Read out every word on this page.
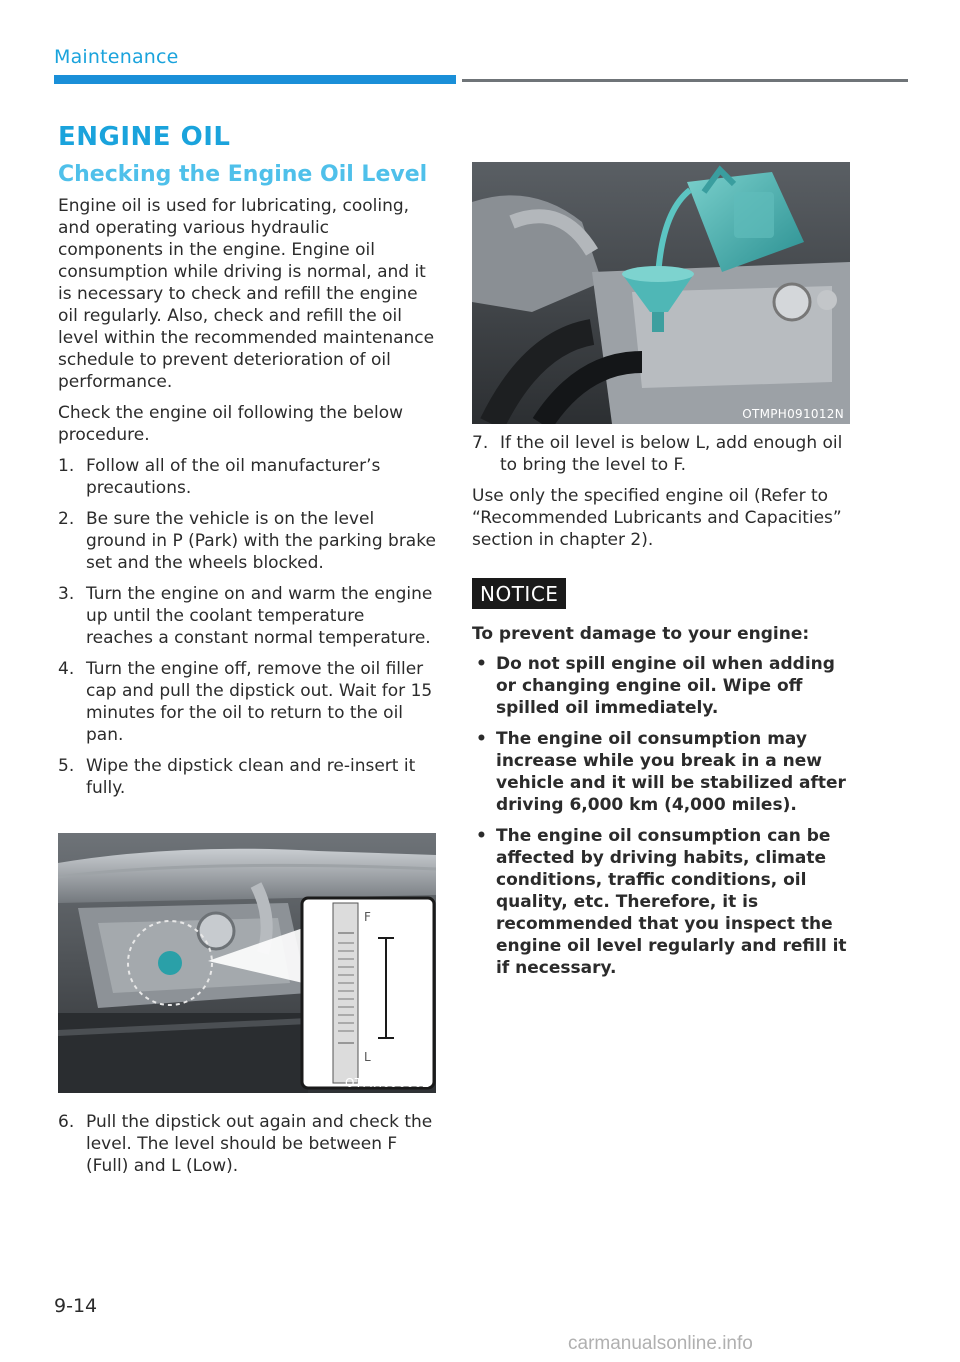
Maintenance
ENGINE OIL
Checking the Engine Oil Level

Engine oil is used for lubricating, cooling, and operating various hydraulic components in the engine. Engine oil consumption while driving is normal, and it is necessary to check and refill the engine oil regularly. Also, check and refill the oil level within the recommended maintenance schedule to prevent deterioration of oil performance.

Check the engine oil following the below procedure.

1. Follow all of the oil manufacturer’s precautions.
2. Be sure the vehicle is on the level ground in P (Park) with the parking brake set and the wheels blocked.
3. Turn the engine on and warm the engine up until the coolant temperature reaches a constant normal temperature.
4. Turn the engine off, remove the oil filler cap and pull the dipstick out. Wait for 15 minutes for the oil to return to the oil pan.
5. Wipe the dipstick clean and re-insert it fully.
F
L
OTMH090002
6. Pull the dipstick out again and check the level. The level should be between F (Full) and L (Low).
OTMPH091012N
7. If the oil level is below L, add enough oil to bring the level to F.

Use only the specified engine oil (Refer to “Recommended Lubricants and Capacities” section in chapter 2).

NOTICE

To prevent damage to your engine:

• Do not spill engine oil when adding or changing engine oil. Wipe off spilled oil immediately.
• The engine oil consumption may increase while you break in a new vehicle and it will be stabilized after driving 6,000 km (4,000 miles).
• The engine oil consumption can be affected by driving habits, climate conditions, traffic conditions, oil quality, etc. Therefore, it is recommended that you inspect the engine oil level regularly and refill it if necessary.
9-14
carmanualsonline.info
